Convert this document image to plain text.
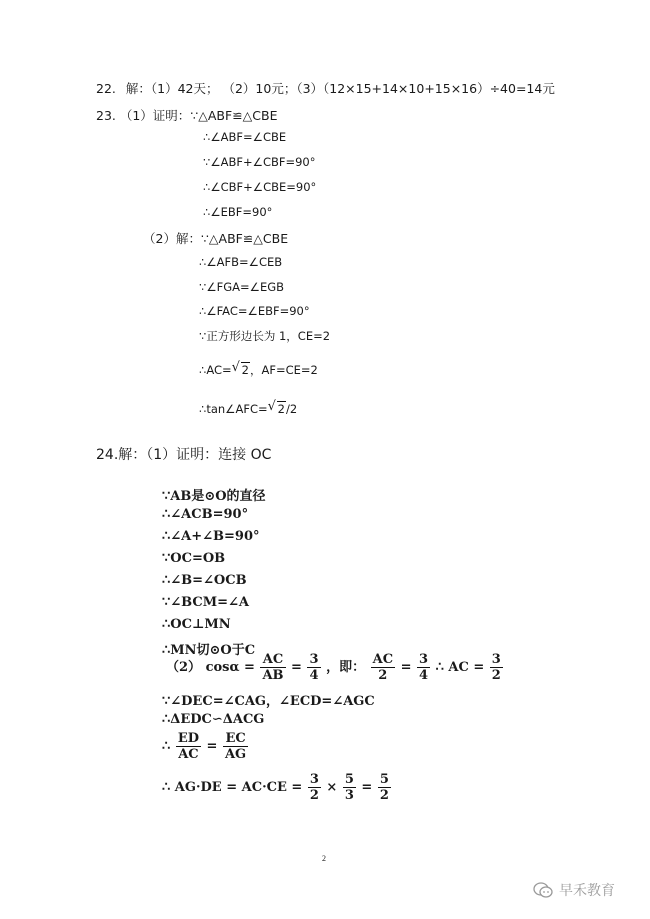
22. 解：（1）42天； （2）10元；（3）（12×15+14×10+15×16）÷40=14元
23. （1）证明：∵△ABF≌△CBE
∴∠ABF=∠CBE
∵∠ABF+∠CBF=90°
∴∠CBF+∠CBE=90°
∴∠EBF=90°
（2）解：∵△ABF≌△CBE
∴∠AFB=∠CEB
∵∠FGA=∠EGB
∴∠FAC=∠EBF=90°
∵正方形边长为 1，CE=2
∴AC= √ 2，AF=CE=2
∴tan∠AFC= √ 2/2
24.解：（1）证明：连接 OC
∵AB是⊙O的直径
∴∠ACB=90°
∴∠A+∠B=90°
∵OC=OB
∴∠B=∠OCB
∵∠BCM=∠A
∴OC⊥MN
∴MN切⊙O于C
（2） $\cos\alpha = \frac{AC}{AB} = \frac{3}{4}$ ，即： $\frac{AC}{2} = \frac{3}{4}$ ∴ AC = $\frac{3}{2}$
∵∠DEC=∠CAG，∠ECD=∠AGC
∴ΔEDC∽ΔACG
∴ $\frac{ED}{AC} = \frac{EC}{AG}$
∴ $AG\cdot DE = AC\cdot CE = \frac{3}{2} \times \frac{5}{3} = \frac{5}{2}$
2
早禾教育
